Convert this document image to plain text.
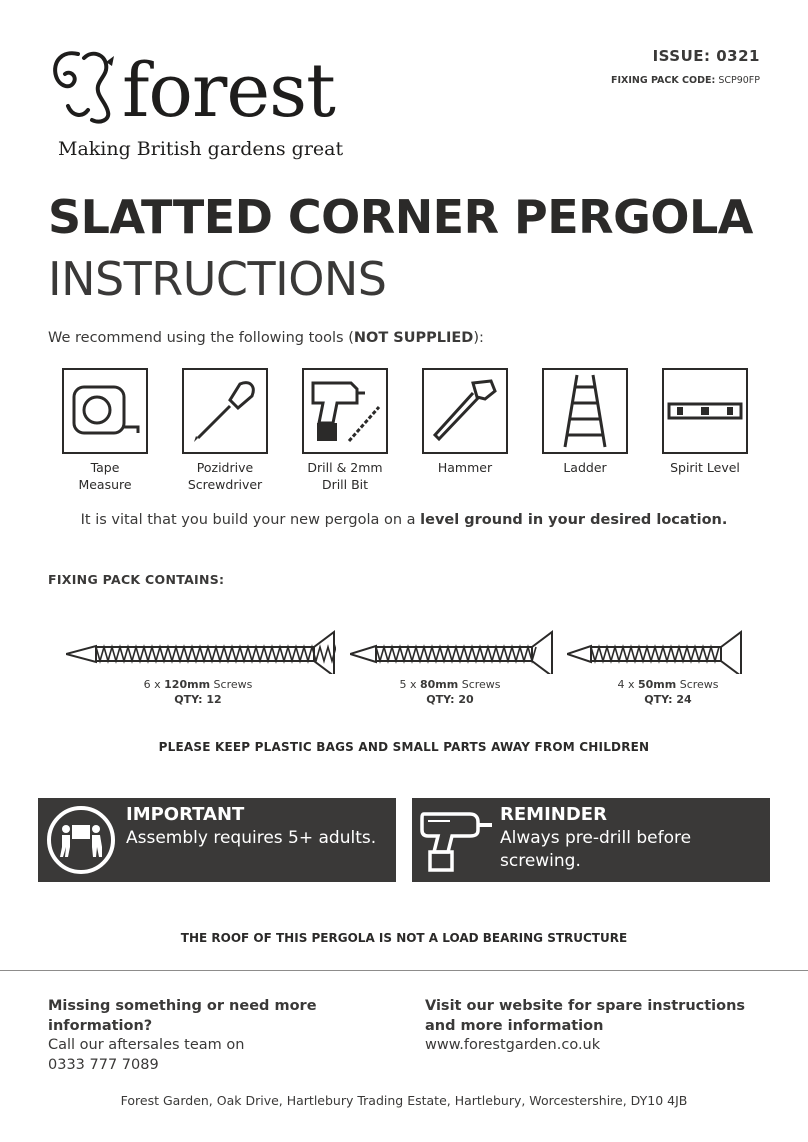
forest
Making British gardens great
ISSUE: 0321
FIXING PACK CODE: SCP90FP
SLATTED CORNER PERGOLA
INSTRUCTIONS
We recommend using the following tools (NOT SUPPLIED):
Tape
Measure
Pozidrive
Screwdriver
Drill & 2mm
Drill Bit
Hammer	Ladder	Spirit Level
It is vital that you build your new pergola on a level ground in your desired location.
FIXING PACK CONTAINS:
6 x 120mm Screws
QTY: 12
5 x 80mm Screws
QTY: 20
4 x 50mm Screws
QTY: 24
PLEASE KEEP PLASTIC BAGS AND SMALL PARTS AWAY FROM CHILDREN
IMPORTANT
Assembly requires 5+ adults.
REMINDER
Always pre-drill before screwing.
THE ROOF OF THIS PERGOLA IS NOT A LOAD BEARING STRUCTURE
Missing something or need more information?
Call our aftersales team on
0333 777 7089
Visit our website for spare instructions and more information
www.forestgarden.co.uk
Forest Garden, Oak Drive, Hartlebury Trading Estate, Hartlebury, Worcestershire, DY10 4JB
